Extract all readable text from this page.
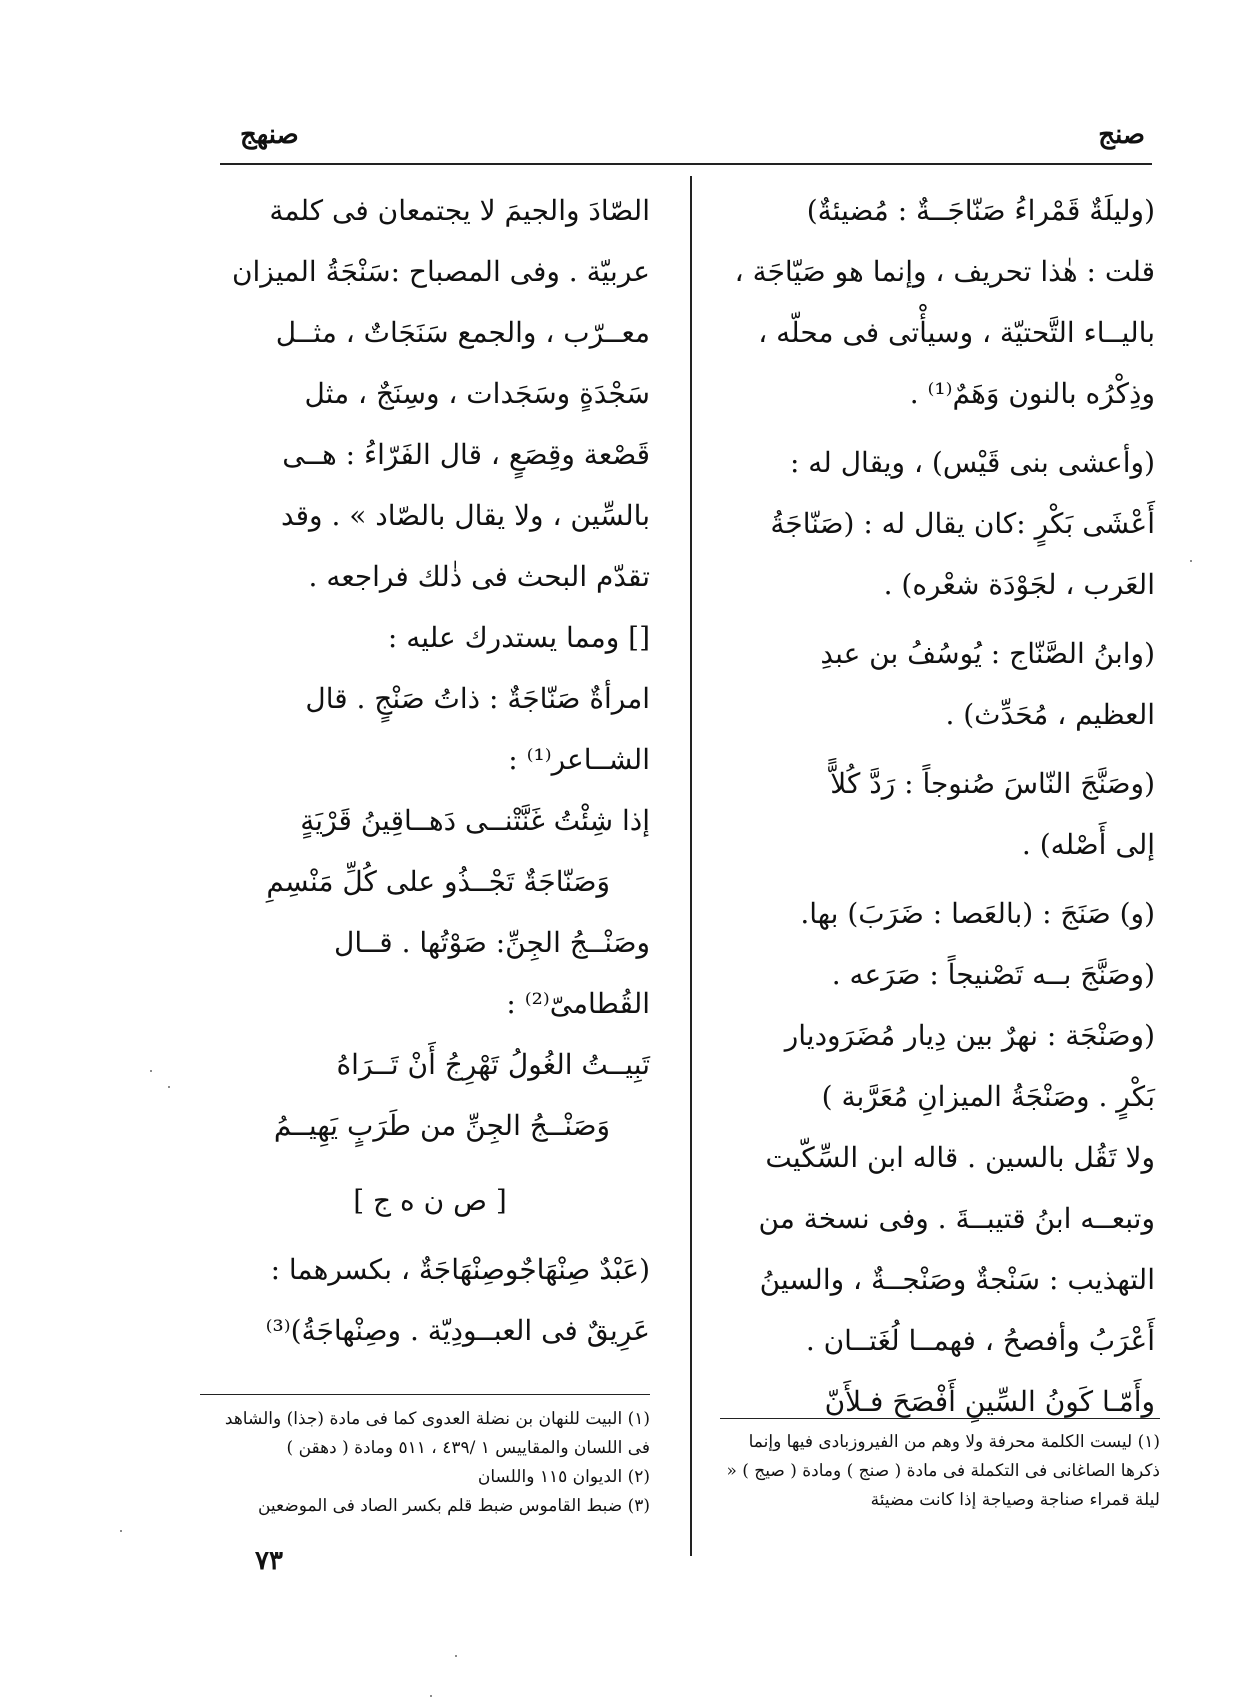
صنج
صنهج

(وليلَةٌ قَمْراءُ صَنّاجَــةٌ : مُضيئةٌ)

قلت : هٰذا تحريف ، وإنما هو صَيّاجَة ،

باليــاء التَّحتيّة ، وسيأْتى فى محلّه ،

وذِكْرُه بالنون وَهَمٌ⁽¹⁾ .

(وأعشى بنى قَيْس) ، ويقال له :

أَعْشَى بَكْرٍ :كان يقال له : (صَنّاجَةُ

العَرب ، لجَوْدَة شعْره) .

(وابنُ الصَّنّاج : يُوسُفُ بن عبدِ

العظيم ، مُحَدِّث) .

(وصَنَّجَ النّاسَ صُنوجاً : رَدَّ كُلاًّ

إلى أَصْله) .

(و) صَنَجَ : (بالعَصا : ضَرَبَ) بها.

(وصَنَّجَ بــه تَصْنيجاً : صَرَعه .

(وصَنْجَة : نهرٌ بين دِيار مُضَرَوديار

بَكْرٍ . وصَنْجَةُ الميزانِ مُعَرَّبة )

ولا تَقُل بالسين . قاله ابن السِّكّيت

وتبعــه ابنُ قتيبــةَ . وفى نسخة من

التهذيب : سَنْجةٌ وصَنْجــةٌ ، والسينُ

أَعْرَبُ وأفصحُ ، فهمــا لُغَتــان .

وأَمّـا كَونُ السِّينِ أَفْصَحَ فـلأَنّ

(١) ليست الكلمة محرفة ولا وهم من الفيروزبادى فيها وإنما ذكرها الصاغانى فى التكملة فى مادة ( صنج ) ومادة ( صيج ) « ليلة قمراء صناجة وصياجة إذا كانت مضيئة

الصّادَ والجيمَ لا يجتمعان فى كلمة

عربيّة . وفى المصباح :سَنْجَةُ الميزان

معــرّب ، والجمع سَنَجَاتٌ ، مثــل

سَجْدَةٍ وسَجَدات ، وسِنَجٌ ، مثل

قَصْعة وقِصَعٍ ، قال الفَرّاءُ : هــى

بالسِّين ، ولا يقال بالصّاد » . وقد

تقدّم البحث فى ذٰلك فراجعه .

[] ومما يستدرك عليه :

امرأةٌ صَنّاجَةٌ : ذاتُ صَنْجٍ . قال

الشــاعر⁽¹⁾ :

إذا شِئْتُ غَنَّتْنــى دَهــاقِينُ قَرْيَةٍ

وَصَنّاجَةٌ تَجْــذُو على كُلِّ مَنْسِمِ

وصَنْــجُ الجِنِّ: صَوْتُها . قــال

القُطامىّ⁽²⁾ :

تَبِيــتُ الغُولُ تَهْرِجُ أَنْ تَــرَاهُ

وَصَنْــجُ الجِنِّ من طَرَبٍ يَهِيــمُ

[ ص ن ه ج ]

(عَبْدٌ صِنْهَاجٌوصِنْهَاجَةٌ ، بكسرهما :

عَرِيقٌ فى العبــودِيّة . وصِنْهاجَةُ)⁽³⁾

(١) البيت للنهان بن نضلة العدوى كما فى مادة (جذا) والشاهد فى اللسان والمقاييس ١ /٤٣٩ ، ٥١١ ومادة ( دهقن )

(٢) الديوان ١١٥ واللسان

(٣) ضبط القاموس ضبط قلم بكسر الصاد فى الموضعين

٧٣
